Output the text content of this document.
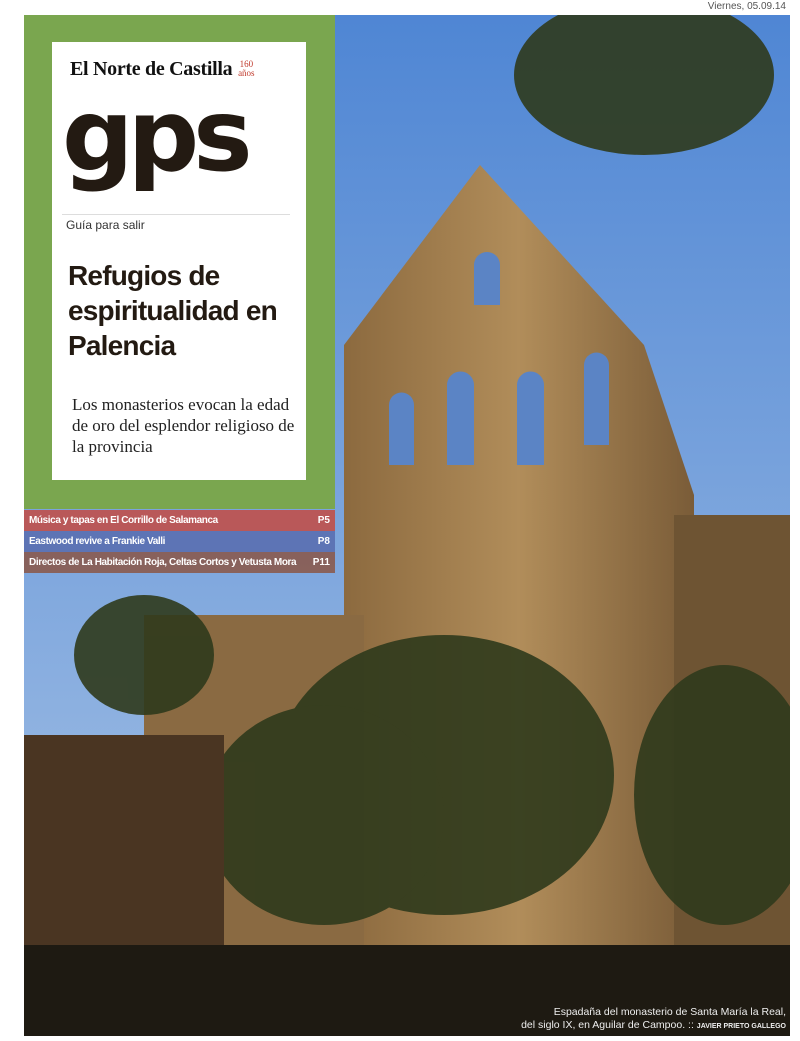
Viernes, 05.09.14
El Norte de Castilla 160 años
gps
Guía para salir
Refugios de espiritualidad en Palencia
Los monasterios evocan la edad de oro del esplendor religioso de la provincia
Música y tapas en El Corrillo de Salamanca	P5
Eastwood revive a Frankie Valli	P8
Directos de La Habitación Roja, Celtas Cortos y Vetusta Mora P11
Espadaña del monasterio de Santa María la Real,
del siglo IX, en Aguilar de Campoo. :: JAVIER PRIETO GALLEGO
